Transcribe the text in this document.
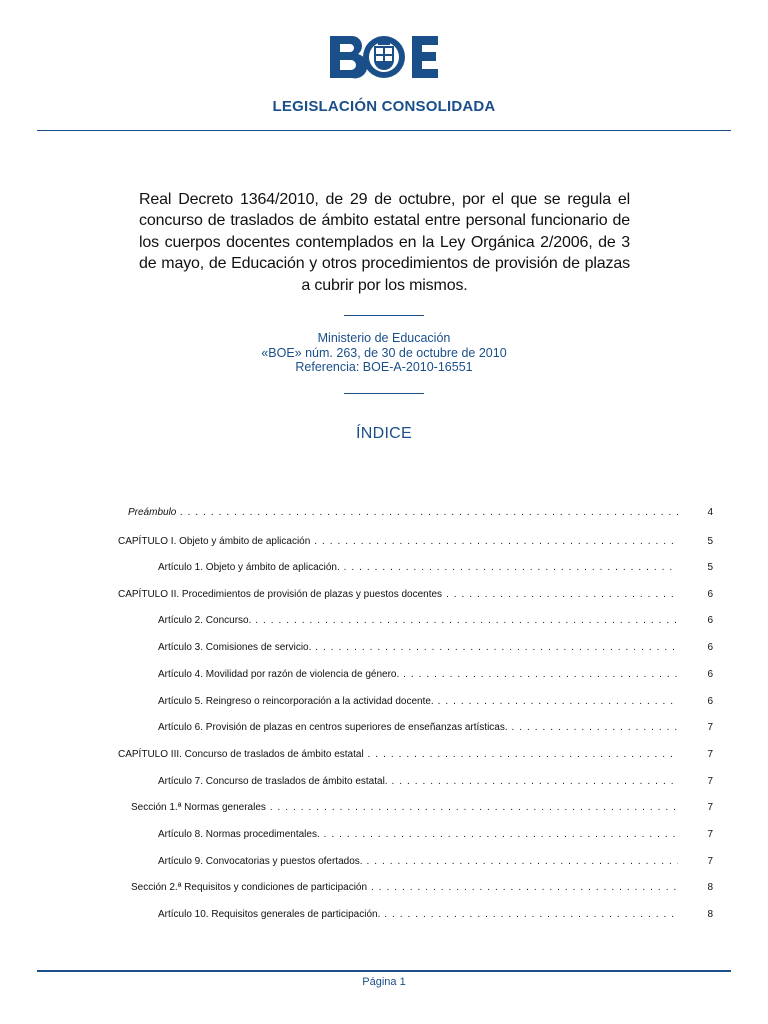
LEGISLACIÓN CONSOLIDADA
Real Decreto 1364/2010, de 29 de octubre, por el que se regula el concurso de traslados de ámbito estatal entre personal funcionario de los cuerpos docentes contemplados en la Ley Orgánica 2/2006, de 3 de mayo, de Educación y otros procedimientos de provisión de plazas a cubrir por los mismos.
Ministerio de Educación
«BOE» núm. 263, de 30 de octubre de 2010
Referencia: BOE-A-2010-16551
ÍNDICE
Preámbulo . . .	4
CAPÍTULO I. Objeto y ámbito de aplicación . . .	5
Artículo 1. Objeto y ámbito de aplicación. . . .	5
CAPÍTULO II. Procedimientos de provisión de plazas y puestos docentes . . .	6
Artículo 2. Concurso. . . .	6
Artículo 3. Comisiones de servicio. . . .	6
Artículo 4. Movilidad por razón de violencia de género. . . .	6
Artículo 5. Reingreso o reincorporación a la actividad docente. . . .	6
Artículo 6. Provisión de plazas en centros superiores de enseñanzas artísticas. . . .	7
CAPÍTULO III. Concurso de traslados de ámbito estatal . . .	7
Artículo 7. Concurso de traslados de ámbito estatal. . . .	7
Sección 1.ª Normas generales . . .	7
Artículo 8. Normas procedimentales. . . .	7
Artículo 9. Convocatorias y puestos ofertados. . . .	7
Sección 2.ª Requisitos y condiciones de participación . . .	8
Artículo 10. Requisitos generales de participación. . . .	8
Página 1
